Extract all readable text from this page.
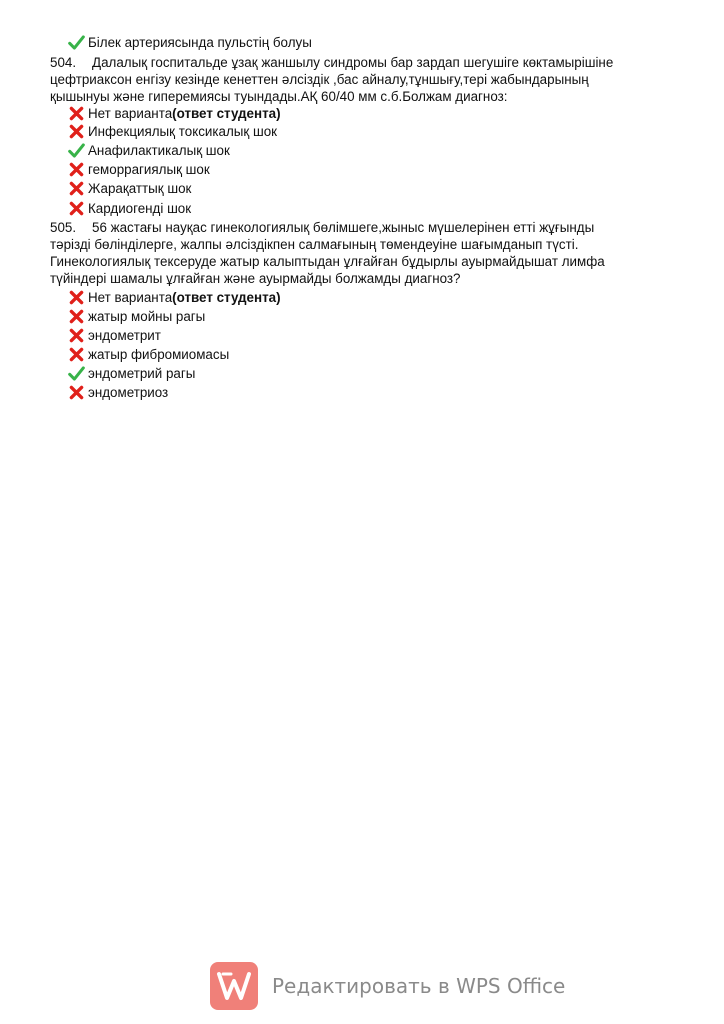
Білек артериясында пульстің болуы
504. Далалық госпитальде ұзақ жаншылу синдромы бар зардап шегушіге көктамырішіне
цефтриаксон енгізу кезінде кенеттен әлсіздік ,бас айналу,тұншығу,тері жабындарының
қышынуы және гиперемиясы туындады.АҚ 60/40 мм с.б.Болжам диагноз:
Нет варианта (ответ студента)
Инфекциялық токсикалық шок
Анафилактикалық шок
геморрагиялық шок
Жарақаттық шок
Кардиогенді шок
505. 56 жастағы науқас гинекологиялық бөлімшеге,жыныс мүшелерінен етті жұғынды
тәрізді бөлінділерге, жалпы әлсіздікпен салмағының төмендеуіне шағымданып түсті.
Гинекологиялық тексеруде жатыр калыптыдан ұлғайған бұдырлы ауырмайдышат лимфа
түйіндері шамалы ұлғайған және ауырмайды болжамды диагноз?
Нет варианта (ответ студента)
жатыр мойны рагы
эндометрит
жатыр фибромиомасы
эндометрий рагы
эндометриоз
Редактировать в WPS Office
